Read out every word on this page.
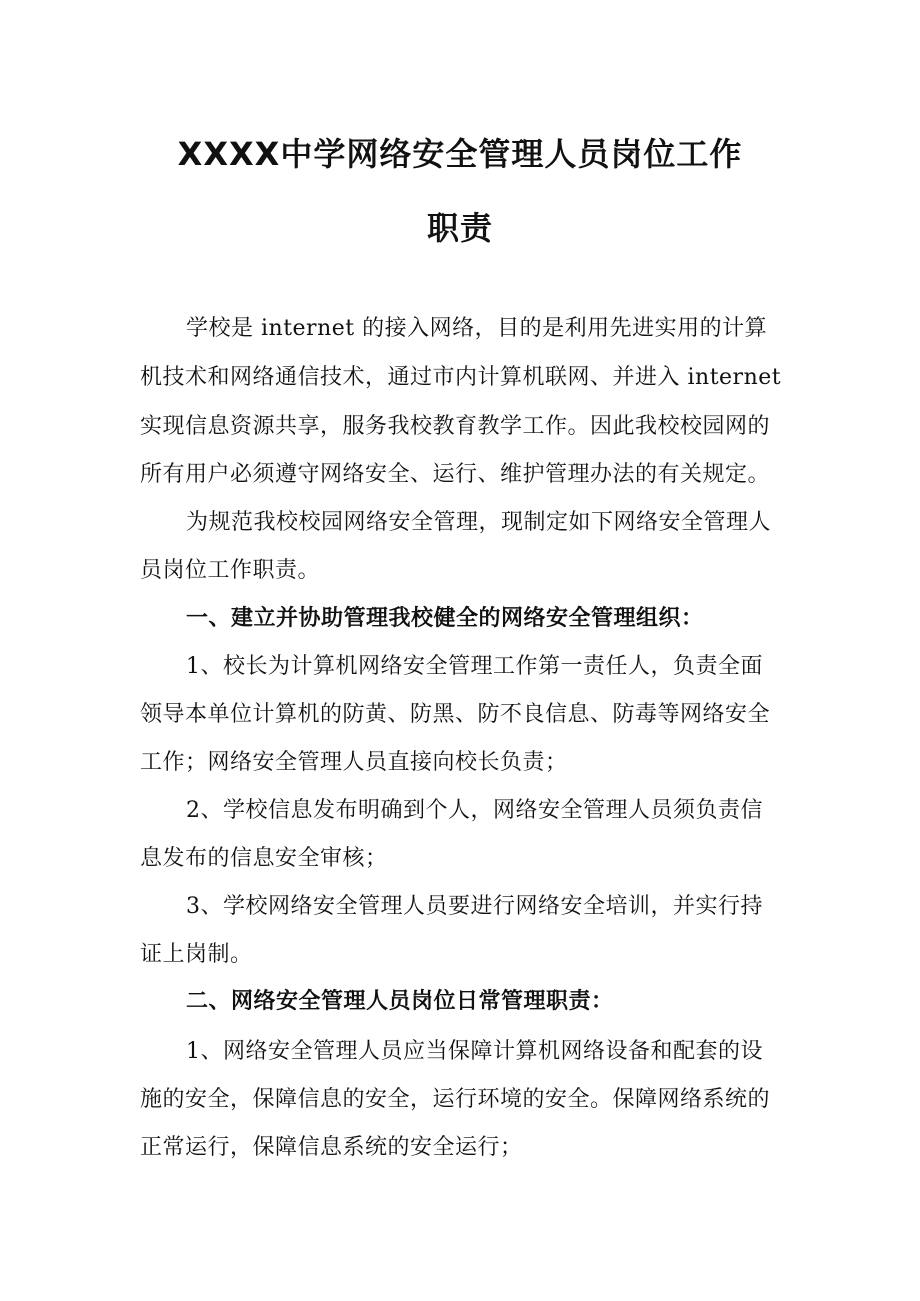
XXXX中学网络安全管理人员岗位工作
职责
学校是 internet 的接入网络，目的是利用先进实用的计算
机技术和网络通信技术，通过市内计算机联网、并进入 internet
实现信息资源共享，服务我校教育教学工作。因此我校校园网的
所有用户必须遵守网络安全、运行、维护管理办法的有关规定。
为规范我校校园网络安全管理，现制定如下网络安全管理人
员岗位工作职责。
一、建立并协助管理我校健全的网络安全管理组织：
1、校长为计算机网络安全管理工作第一责任人，负责全面
领导本单位计算机的防黄、防黑、防不良信息、防毒等网络安全
工作；网络安全管理人员直接向校长负责；
2、学校信息发布明确到个人，网络安全管理人员须负责信
息发布的信息安全审核；
3、学校网络安全管理人员要进行网络安全培训，并实行持
证上岗制。
二、网络安全管理人员岗位日常管理职责：
1、网络安全管理人员应当保障计算机网络设备和配套的设
施的安全，保障信息的安全，运行环境的安全。保障网络系统的
正常运行，保障信息系统的安全运行；
